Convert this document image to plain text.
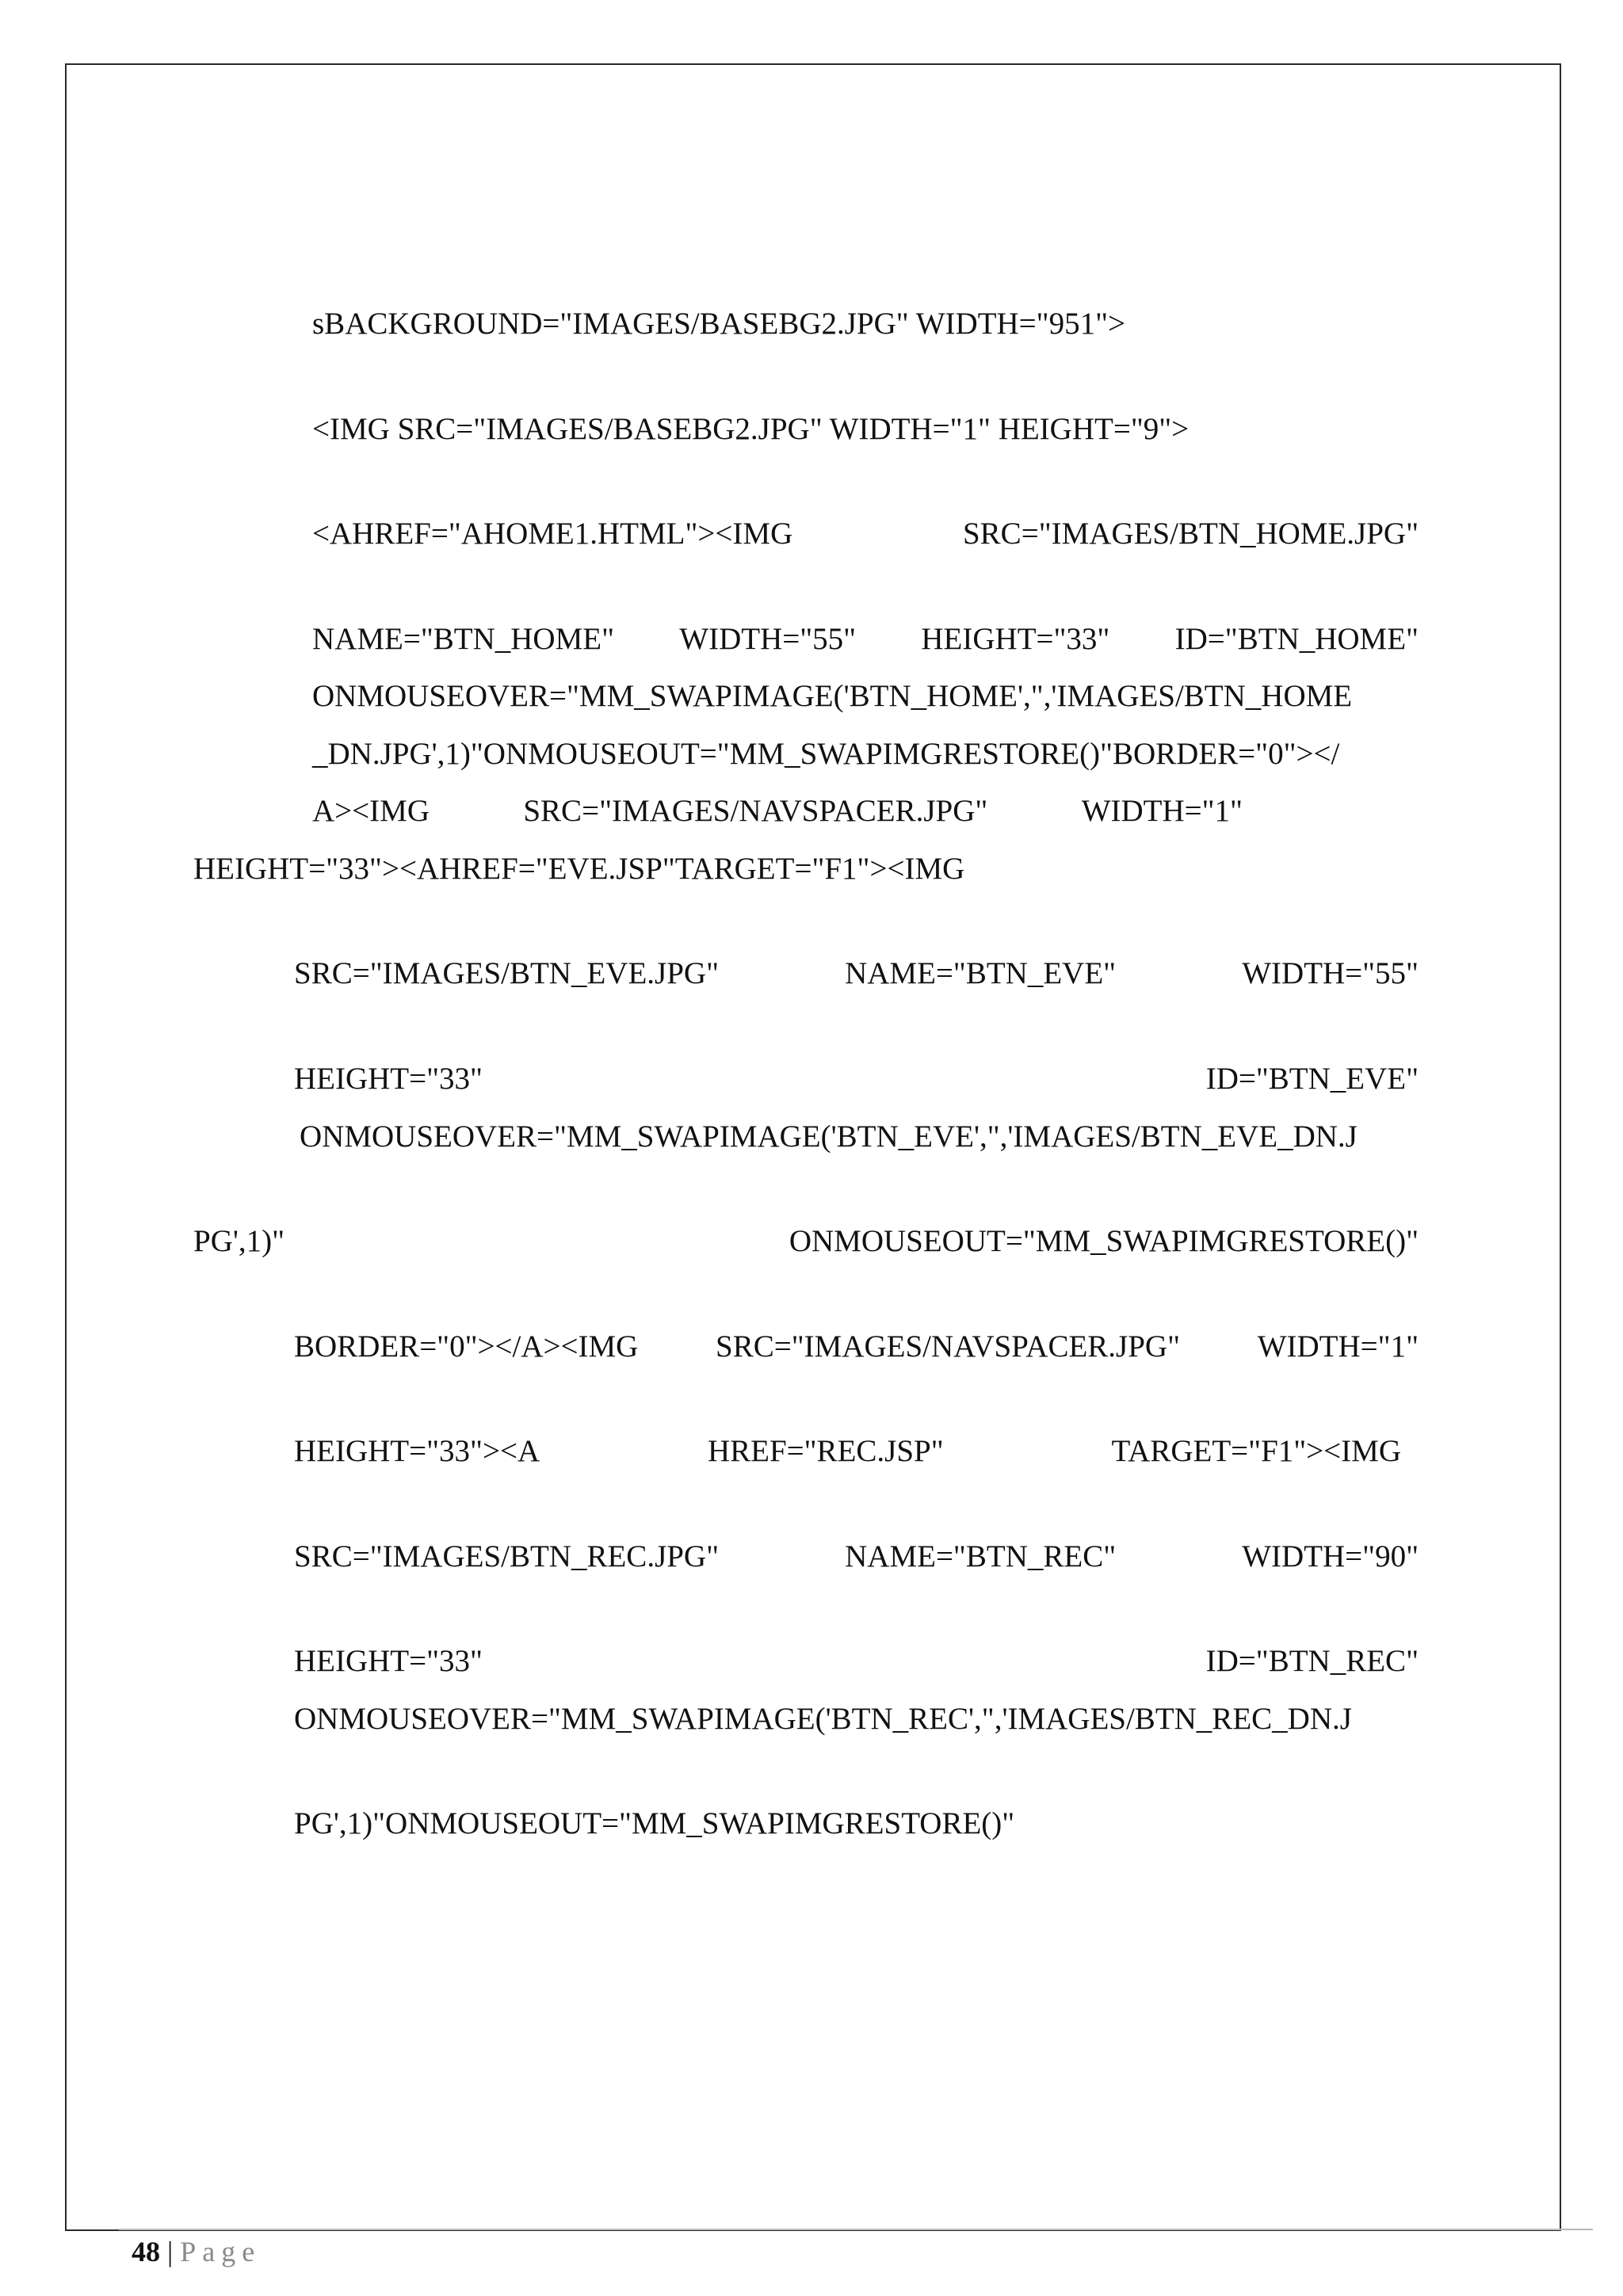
sBACKGROUND="IMAGES/BASEBG2.JPG" WIDTH="951">
<IMG SRC="IMAGES/BASEBG2.JPG" WIDTH="1" HEIGHT="9">
<AHREF="AHOME1.HTML"><IMG	SRC="IMAGES/BTN_HOME.JPG"
NAME="BTN_HOME" WIDTH="55" HEIGHT="33" ID="BTN_HOME"
ONMOUSEOVER="MM_SWAPIMAGE('BTN_HOME',",'IMAGES/BTN_HOME
_DN.JPG',1)"ONMOUSEOUT="MM_SWAPIMGRESTORE()"BORDER="0"></
A><IMG	SRC="IMAGES/NAVSPACER.JPG"	WIDTH="1"
HEIGHT="33"><AHREF="EVE.JSP"TARGET="F1"><IMG
SRC="IMAGES/BTN_EVE.JPG"	NAME="BTN_EVE"	WIDTH="55"
HEIGHT="33"	ID="BTN_EVE"
ONMOUSEOVER="MM_SWAPIMAGE('BTN_EVE',",'IMAGES/BTN_EVE_DN.J
PG',1)"	ONMOUSEOUT="MM_SWAPIMGRESTORE()"
BORDER="0"></A><IMG	SRC="IMAGES/NAVSPACER.JPG"	WIDTH="1"
HEIGHT="33"><A	HREF="REC.JSP"	TARGET="F1"><IMG
SRC="IMAGES/BTN_REC.JPG"	NAME="BTN_REC"	WIDTH="90"
HEIGHT="33"	ID="BTN_REC"
ONMOUSEOVER="MM_SWAPIMAGE('BTN_REC',",'IMAGES/BTN_REC_DN.J
PG',1)"ONMOUSEOUT="MM_SWAPIMGRESTORE()"
48 | Page
